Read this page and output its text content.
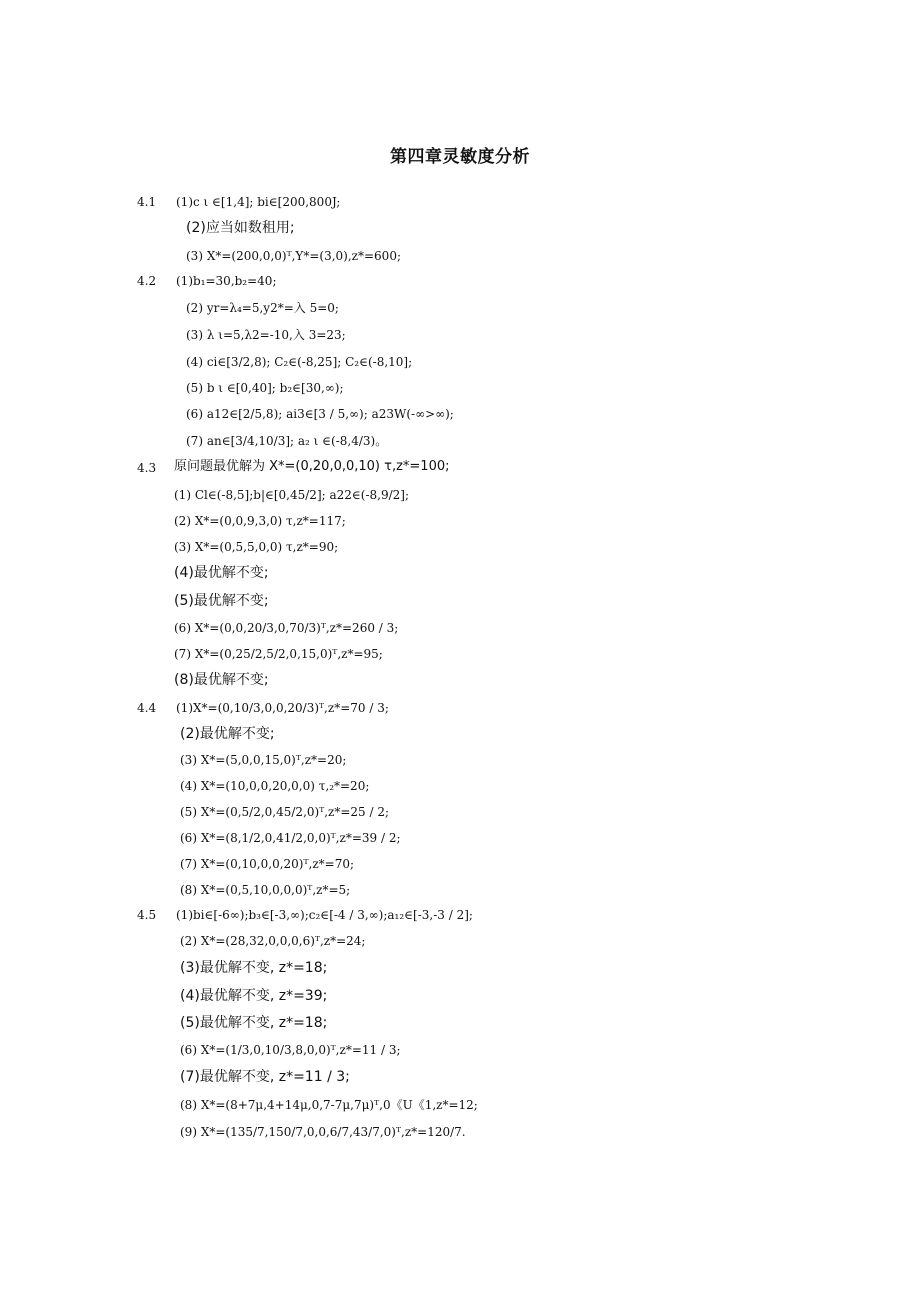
第四章灵敏度分析
4.1 (1)c ι ∈[1,4]; bi∈[200,800J;
(2)应当如数租用;
(3) X*=(200,0,0)ᵀ,Y*=(3,0),z*=600;
4.2 (1)b₁=30,b₂=40;
(2) yr=λ₄=5,y2*=入 5=0;
(3) λ ι=5,λ2=-10,入 3=23;
(4) ci∈[3/2,8); C₂∈(-8,25]; C₂∈(-8,10];
(5) b ι ∈[0,40]; b₂∈[30,∞);
(6) a12∈[2/5,8); ai3∈[3 / 5,∞); a23W(-∞>∞);
(7) an∈[3/4,10/3]; a₂ ι ∈(-8,4/3)。
4.3 原问题最优解为 X*=(0,20,0,0,10) τ,z*=100;
(1) Cl∈(-8,5];b|∈[0,45/2]; a22∈(-8,9/2];
(2) X*=(0,0,9,3,0) τ,z*=117;
(3) X*=(0,5,5,0,0) τ,z*=90;
(4)最优解不变;
(5)最优解不变;
(6) X*=(0,0,20/3,0,70/3)ᵀ,z*=260 / 3;
(7) X*=(0,25/2,5/2,0,15,0)ᵀ,z*=95;
(8)最优解不变;
4.4 (1)X*=(0,10/3,0,0,20/3)ᵀ,z*=70 / 3;
(2)最优解不变;
(3) X*=(5,0,0,15,0)ᵀ,z*=20;
(4) X*=(10,0,0,20,0,0) τ,₂*=20;
(5) X*=(0,5/2,0,45/2,0)ᵀ,z*=25 / 2;
(6) X*=(8,1/2,0,41/2,0,0)ᵀ,z*=39 / 2;
(7) X*=(0,10,0,0,20)ᵀ,z*=70;
(8) X*=(0,5,10,0,0,0)ᵀ,z*=5;
4.5 (1)bi∈[-6∞);b₃∈[-3,∞);c₂∈[-4 / 3,∞);a₁₂∈[-3,-3 / 2];
(2) X*=(28,32,0,0,0,6)ᵀ,z*=24;
(3)最优解不变, z*=18;
(4)最优解不变, z*=39;
(5)最优解不变, z*=18;
(6) X*=(1/3,0,10/3,8,0,0)ᵀ,z*=11 / 3;
(7)最优解不变, z*=11 / 3;
(8) X*=(8+7μ,4+14μ,0,7-7μ,7μ)ᵀ,0《U《1,z*=12;
(9) X*=(135/7,150/7,0,0,6/7,43/7,0)ᵀ,z*=120/7.
